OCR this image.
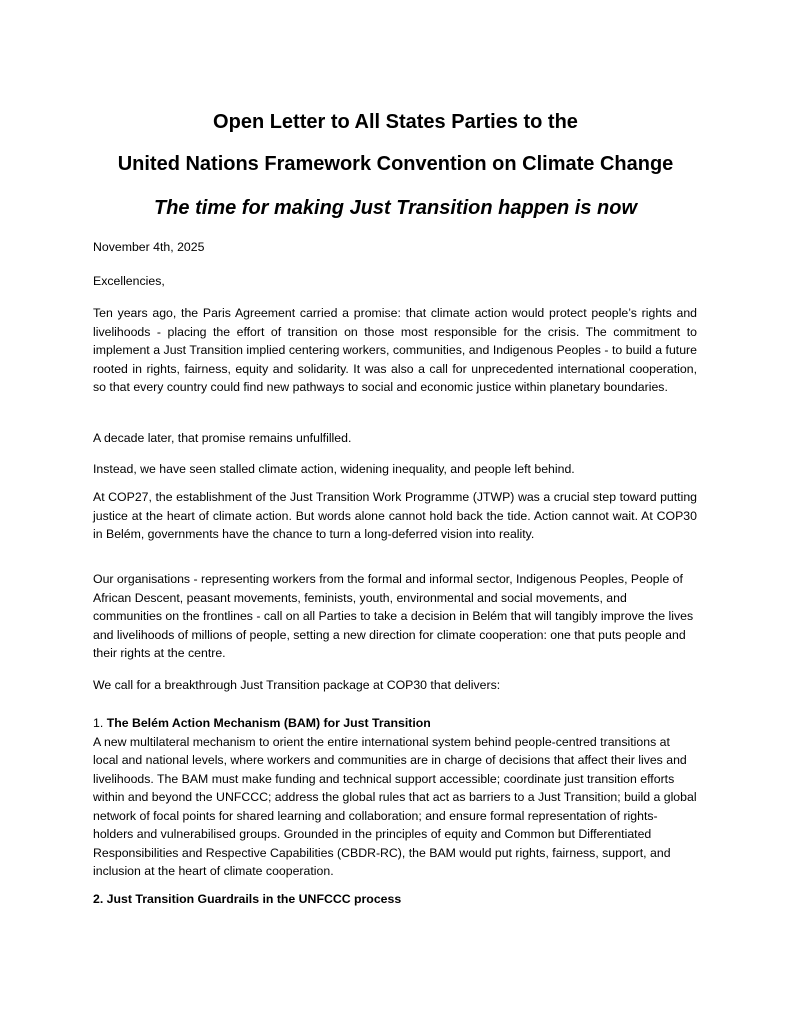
Open Letter to All States Parties to the
United Nations Framework Convention on Climate Change
The time for making Just Transition happen is now

November 4th, 2025

Excellencies,

Ten years ago, the Paris Agreement carried a promise: that climate action would protect people’s rights and livelihoods - placing the effort of transition on those most responsible for the crisis. The commitment to implement a Just Transition implied centering workers, communities, and Indigenous Peoples - to build a future rooted in rights, fairness, equity and solidarity. It was also a call for unprecedented international cooperation, so that every country could find new pathways to social and economic justice within planetary boundaries.

A decade later, that promise remains unfulfilled.

Instead, we have seen stalled climate action, widening inequality, and people left behind.

At COP27, the establishment of the Just Transition Work Programme (JTWP) was a crucial step toward putting justice at the heart of climate action. But words alone cannot hold back the tide. Action cannot wait. At COP30 in Belém, governments have the chance to turn a long-deferred vision into reality.

Our organisations - representing workers from the formal and informal sector, Indigenous Peoples, People of African Descent, peasant movements, feminists, youth, environmental and social movements, and communities on the frontlines - call on all Parties to take a decision in Belém that will tangibly improve the lives and livelihoods of millions of people, setting a new direction for climate cooperation: one that puts people and their rights at the centre.

We call for a breakthrough Just Transition package at COP30 that delivers:

1. The Belém Action Mechanism (BAM) for Just Transition
A new multilateral mechanism to orient the entire international system behind people-centred transitions at local and national levels, where workers and communities are in charge of decisions that affect their lives and livelihoods. The BAM must make funding and technical support accessible; coordinate just transition efforts within and beyond the UNFCCC; address the global rules that act as barriers to a Just Transition; build a global network of focal points for shared learning and collaboration; and ensure formal representation of rights-holders and vulnerabilised groups. Grounded in the principles of equity and Common but Differentiated Responsibilities and Respective Capabilities (CBDR-RC), the BAM would put rights, fairness, support, and inclusion at the heart of climate cooperation.
2. Just Transition Guardrails in the UNFCCC process
